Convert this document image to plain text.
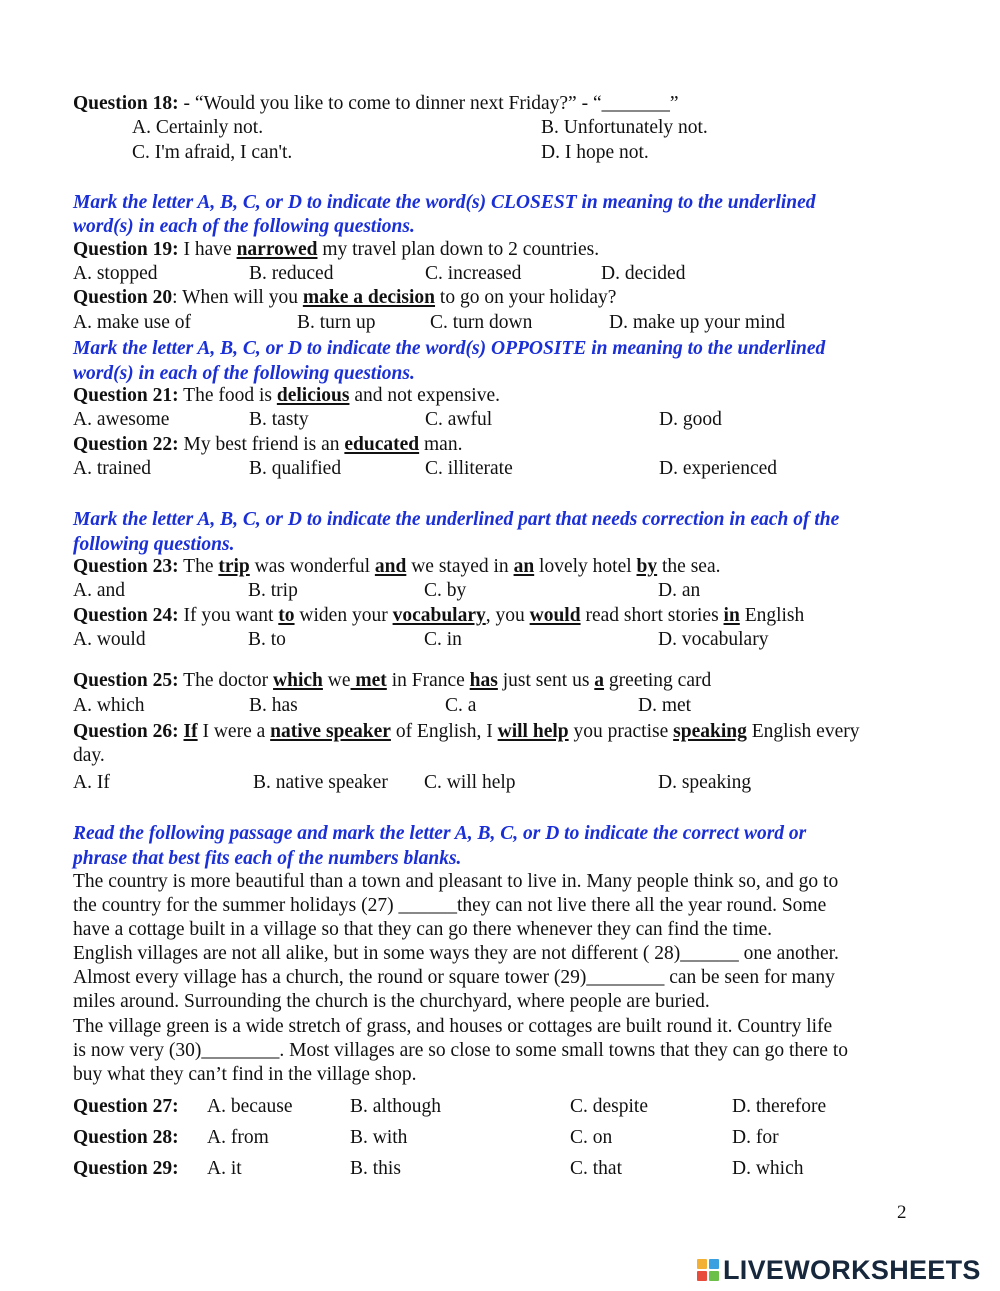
Question 18: - “Would you like to come to dinner next Friday?” - “_______”
A. Certainly not.	B. Unfortunately not.
C. I'm afraid, I can't.	D. I hope not.
Mark the letter A, B, C, or D to indicate the word(s) CLOSEST in meaning to the underlined
word(s) in each of the following questions.
Question 19: I have narrowed my travel plan down to 2 countries.
A. stopped	B. reduced	C. increased	D. decided
Question 20: When will you make a decision to go on your holiday?
A. make use of	B. turn up	C. turn down	D. make up your mind
Mark the letter A, B, C, or D to indicate the word(s) OPPOSITE in meaning to the underlined
word(s) in each of the following questions.
Question 21: The food is delicious and not expensive.
A. awesome	B. tasty	C. awful	D. good
Question 22: My best friend is an educated man.
A. trained	B. qualified	C. illiterate	D. experienced
Mark the letter A, B, C, or D to indicate the underlined part that needs correction in each of the
following questions.
Question 23: The trip was wonderful and we stayed in an lovely hotel by the sea.
A. and	B. trip	C. by	D. an
Question 24: If you want to widen your vocabulary, you would read short stories in English
A. would	B. to	C. in	D. vocabulary
Question 25: The doctor which we met in France has just sent us a greeting card
A. which	B. has	C. a	D. met
Question 26: If I were a native speaker of English, I will help you practise speaking English every
day.
A. If	B. native speaker C. will help	D. speaking
Read the following passage and mark the letter A, B, C, or D to indicate the correct word or
phrase that best fits each of the numbers blanks.
The country is more beautiful than a town and pleasant to live in. Many people think so, and go to
the country for the summer holidays (27) ______they can not live there all the year round. Some
have a cottage built in a village so that they can go there whenever they can find the time.
English villages are not all alike, but in some ways they are not different ( 28)______ one another.
Almost every village has a church, the round or square tower (29)________ can be seen for many
miles around. Surrounding the church is the churchyard, where people are buried.
The village green is a wide stretch of grass, and houses or cottages are built round it. Country life
is now very (30)________. Most villages are so close to some small towns that they can go there to
buy what they can’t find in the village shop.
Question 27: A. because	B. although	C. despite	D. therefore
Question 28: A. from	B. with	C. on	D. for
Question 29: A. it	B. this	C. that	D. which
2
LIVEWORKSHEETS
